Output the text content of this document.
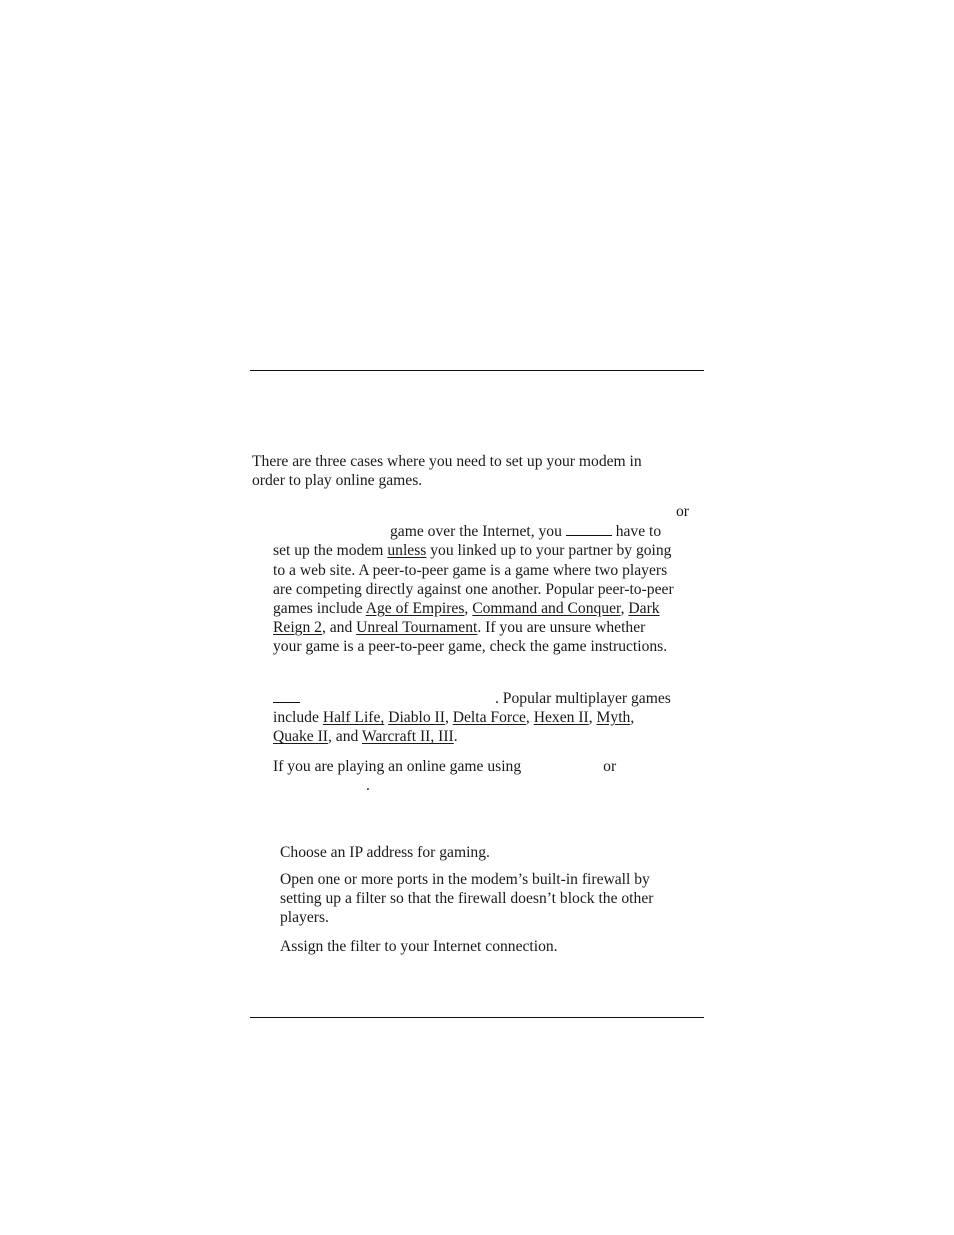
There are three cases where you need to set up your modem in
order to play online games.
or
game over the Internet, you	have to
set up the modem unless you linked up to your partner by going
to a web site. A peer-to-peer game is a game where two players
are competing directly against one another. Popular peer-to-peer
games include Age of Empires, Command and Conquer, Dark
Reign 2, and Unreal Tournament. If you are unsure whether
your game is a peer-to-peer game, check the game instructions.
. Popular multiplayer games
include Half Life, Diablo II, Delta Force, Hexen II, Myth,
Quake II, and Warcraft II, III.
If you are playing an online game using	or
.
Choose an IP address for gaming.
Open one or more ports in the modem’s built-in firewall by
setting up a filter so that the firewall doesn’t block the other
players.
Assign the filter to your Internet connection.
